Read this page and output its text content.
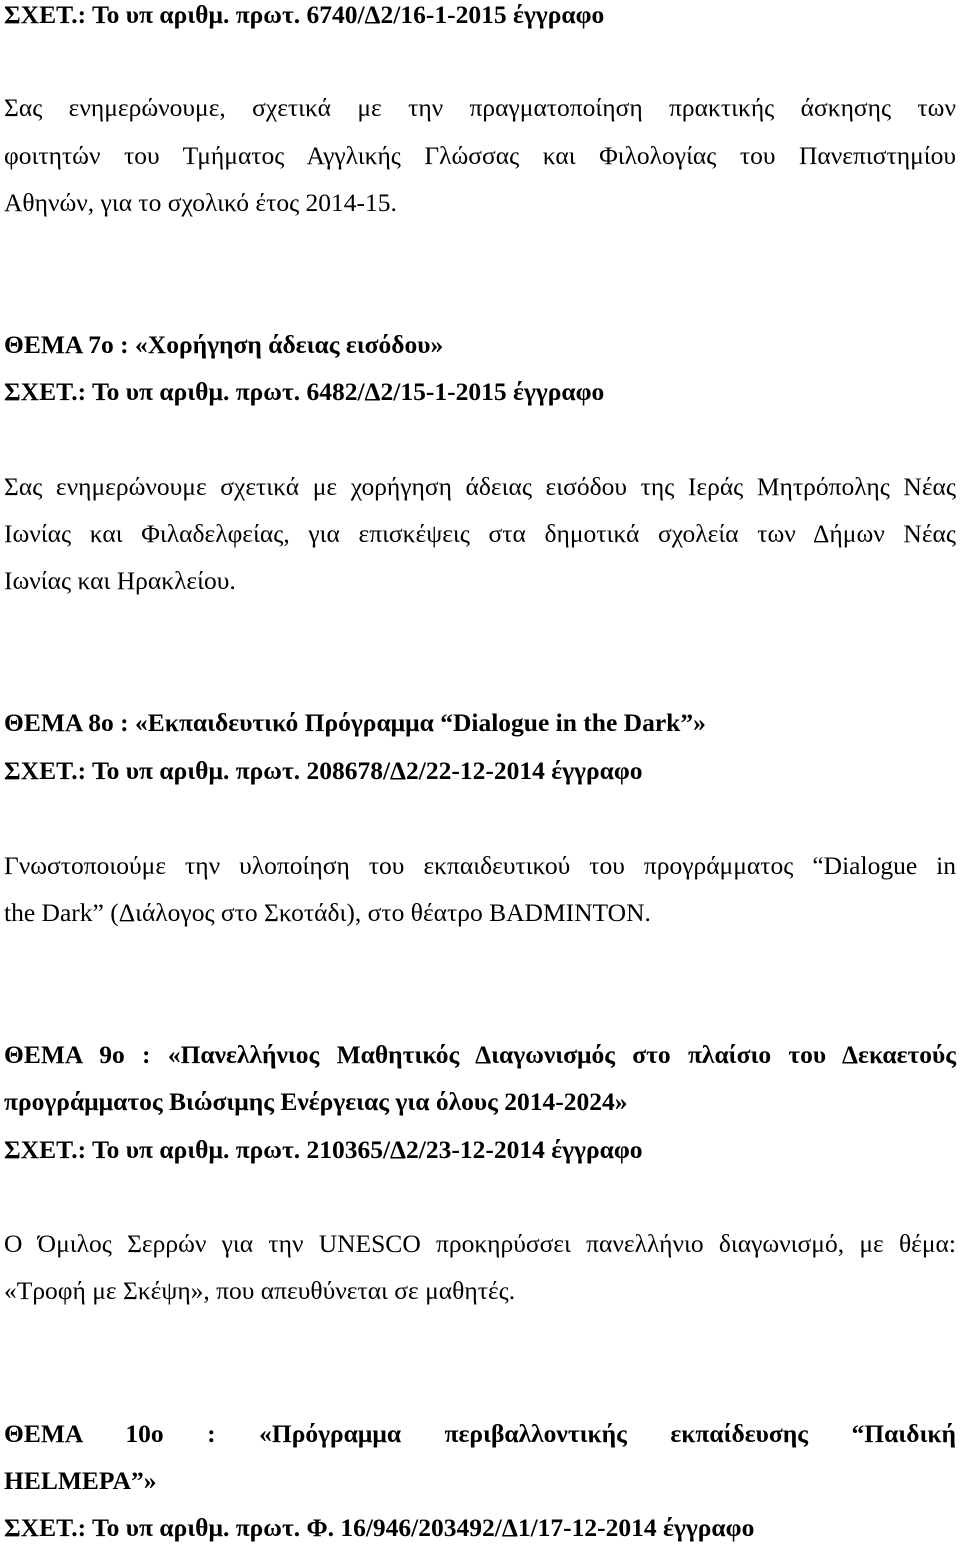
ΣΧΕΤ.: Το υπ αριθμ. πρωτ. 6740/Δ2/16-1-2015 έγγραφο
Σας ενημερώνουμε, σχετικά με την πραγματοποίηση πρακτικής άσκησης των
φοιτητών του Τμήματος Αγγλικής Γλώσσας και Φιλολογίας του Πανεπιστημίου
Αθηνών, για το σχολικό έτος 2014-15.
ΘΕΜΑ 7ο : «Χορήγηση άδειας εισόδου»
ΣΧΕΤ.: Το υπ αριθμ. πρωτ. 6482/Δ2/15-1-2015 έγγραφο
Σας ενημερώνουμε σχετικά με χορήγηση άδειας εισόδου της Ιεράς Μητρόπολης Νέας
Ιωνίας και Φιλαδελφείας, για επισκέψεις στα δημοτικά σχολεία των Δήμων Νέας
Ιωνίας και Ηρακλείου.
ΘΕΜΑ 8ο : «Εκπαιδευτικό Πρόγραμμα “Dialogue in the Dark”»
ΣΧΕΤ.: Το υπ αριθμ. πρωτ. 208678/Δ2/22-12-2014 έγγραφο
Γνωστοποιούμε την υλοποίηση του εκπαιδευτικού του προγράμματος “Dialogue in
the Dark” (Διάλογος στο Σκοτάδι), στο θέατρο BADMINTON.
ΘΕΜΑ 9ο : «Πανελλήνιος Μαθητικός Διαγωνισμός στο πλαίσιο του Δεκαετούς
προγράμματος Βιώσιμης Ενέργειας για όλους 2014-2024»
ΣΧΕΤ.: Το υπ αριθμ. πρωτ. 210365/Δ2/23-12-2014 έγγραφο
Ο Όμιλος Σερρών για την UNESCO προκηρύσσει πανελλήνιο διαγωνισμό, με θέμα:
«Τροφή με Σκέψη», που απευθύνεται σε μαθητές.
ΘΕΜΑ 10ο : «Πρόγραμμα περιβαλλοντικής εκπαίδευσης “Παιδική
HELMEPA”»
ΣΧΕΤ.: Το υπ αριθμ. πρωτ. Φ. 16/946/203492/Δ1/17-12-2014 έγγραφο
